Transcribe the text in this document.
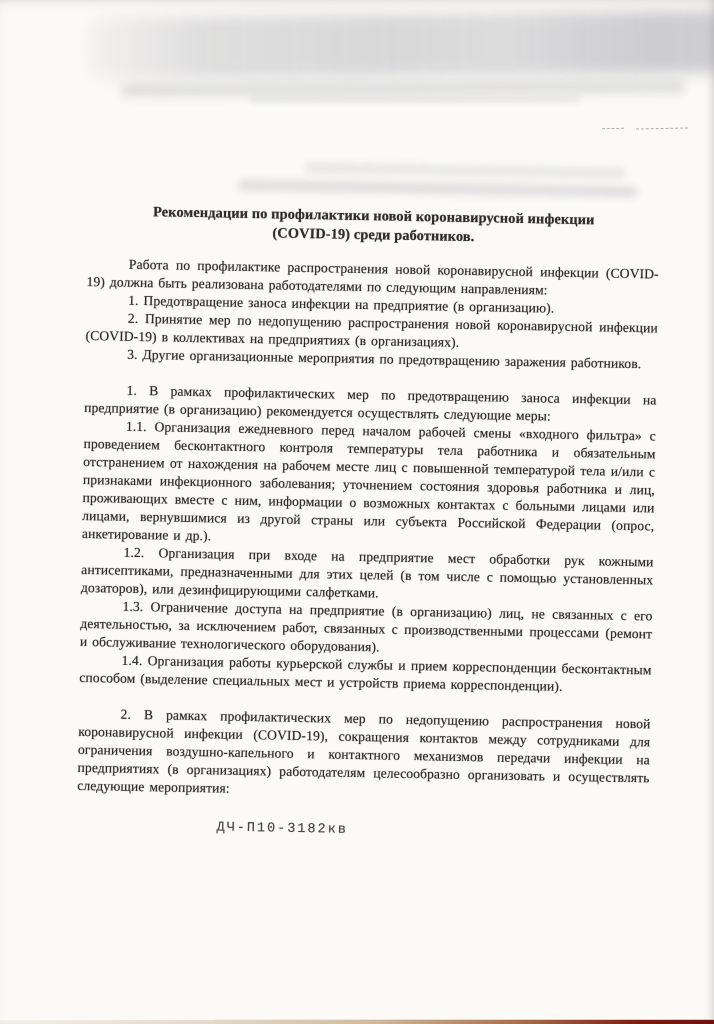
Рекомендации по профилактики новой коронавирусной инфекции
(COVID-19) среди работников.

Работа по профилактике распространения новой коронавирусной инфекции (COVID-19) должна быть реализована работодателями по следующим направлениям:

1. Предотвращение заноса инфекции на предприятие (в организацию).

2. Принятие мер по недопущению распространения новой коронавирусной инфекции (COVID-19) в коллективах на предприятиях (в организациях).

3. Другие организационные мероприятия по предотвращению заражения работников.

1. В рамках профилактических мер по предотвращению заноса инфекции на предприятие (в организацию) рекомендуется осуществлять следующие меры:

1.1. Организация ежедневного перед началом рабочей смены «входного фильтра» с проведением бесконтактного контроля температуры тела работника и обязательным отстранением от нахождения на рабочем месте лиц с повышенной температурой тела и/или с признаками инфекционного заболевания; уточнением состояния здоровья работника и лиц, проживающих вместе с ним, информации о возможных контактах с больными лицами или лицами, вернувшимися из другой страны или субъекта Российской Федерации (опрос, анкетирование и др.).

1.2. Организация при входе на предприятие мест обработки рук кожными антисептиками, предназначенными для этих целей (в том числе с помощью установленных дозаторов), или дезинфицирующими салфетками.

1.3. Ограничение доступа на предприятие (в организацию) лиц, не связанных с его деятельностью, за исключением работ, связанных с производственными процессами (ремонт и обслуживание технологического оборудования).

1.4. Организация работы курьерской службы и прием корреспонденции бесконтактным способом (выделение специальных мест и устройств приема корреспонденции).

2. В рамках профилактических мер по недопущению распространения новой коронавирусной инфекции (COVID-19), сокращения контактов между сотрудниками для ограничения воздушно-капельного и контактного механизмов передачи инфекции на предприятиях (в организациях) работодателям целесообразно организовать и осуществлять следующие мероприятия:

ДЧ-П10-3182кв
